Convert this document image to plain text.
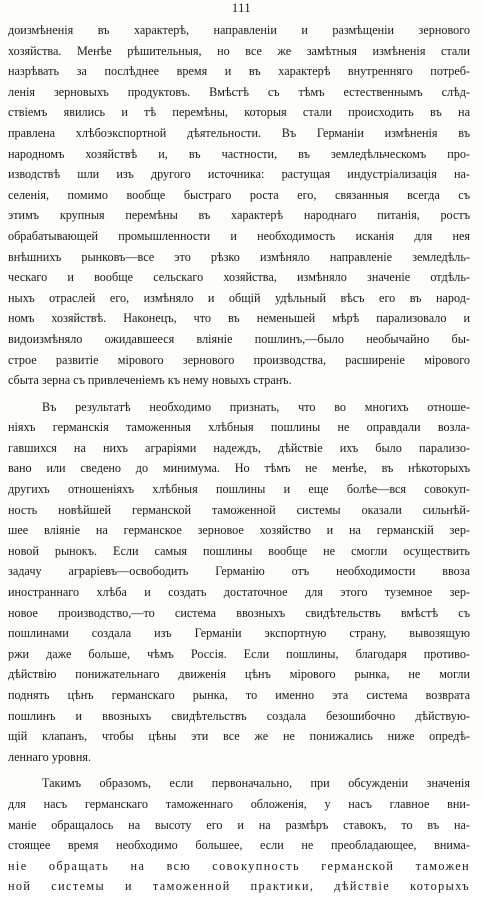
111
доизмѣненія въ характерѣ, направленіи и размѣщеніи зернового
хозяйства. Менѣе рѣшительныя, но все же замѣтныя измѣненія стали
назрѣвать за послѣднее время и въ характерѣ внутренняго потреб-
ленія зерновыхъ продуктовъ. Вмѣстѣ съ тѣмъ естественнымъ слѣд-
ствіемъ явились и тѣ перемѣны, которыя стали происходить въ на
правлена хлѣбоэкспортной дѣятельности. Въ Германіи измѣненія въ
народномъ хозяйствѣ и, въ частности, въ земледѣльческомъ про-
изводствѣ шли изъ другого источника: растущая индустріализація на-
селенія, помимо вообще быстраго роста его, связанныя всегда съ
этимъ крупныя перемѣны въ характерѣ народнаго питанія, ростъ
обрабатывающей промышленности и необходимость исканія для нея
внѣшнихъ рынковъ—все это рѣзко измѣняло направленіе земледѣль-
ческаго и вообще сельскаго хозяйства, измѣняло значеніе отдѣль-
ныхъ отраслей его, измѣняло и общій удѣльный вѣсъ его въ народ-
номъ хозяйствѣ. Наконецъ, что въ неменьшей мѣрѣ парализовало и
видоизмѣняло ожидавшееся вліяніе пошлинъ,—было необычайно бы-
строе развитіе мірового зернового производства, расширеніе мірового
сбыта зерна съ привлеченіемъ къ нему новыхъ странъ.
Въ результатѣ необходимо признать, что во многихъ отноше-
ніяхъ германскія таможенныя хлѣбныя пошлины не оправдали возла-
гавшихся на нихъ аграріями надеждъ, дѣйствіе ихъ было парализо-
вано или сведено до минимума. Но тѣмъ не менѣе, въ нѣкоторыхъ
другихъ отношеніяхъ хлѣбныя пошлины и еще болѣе—вся совокуп-
ность новѣйшей германской таможенной системы оказали сильнѣй-
шее вліяніе на германское зерновое хозяйство и на германскій зер-
новой рынокъ. Если самыя пошлины вообще не смогли осуществить
задачу аграріевъ—освободить Германію отъ необходимости ввоза
иностраннаго хлѣба и создать достаточное для этого туземное зер-
новое производство,—то система ввозныхъ свидѣтельствъ вмѣстѣ съ
пошлинами создала изъ Германіи экспортную страну, вывозящую
ржи даже больше, чѣмъ Россія. Если пошлины, благодаря противо-
дѣйствію понижательнаго движенія цѣнъ мірового рынка, не могли
поднять цѣнъ германскаго рынка, то именно эта система возврата
пошлинъ и ввозныхъ свидѣтельствъ создала безошибочно дѣйствую-
щій клапанъ, чтобы цѣны эти все же не понижались ниже опредѣ-
леннаго уровня.
Такимъ образомъ, если первоначально, при обсужденіи значенія
для насъ германскаго таможеннаго обложенія, у насъ главное вни-
маніе обращалось на высоту его и на размѣръ ставокъ, то въ на-
стоящее время необходимо большее, если не преобладающее, внима-
ніе обращать на всю совокупность германской таможен
ной системы и таможенной практики, дѣйствіе которыхъ
